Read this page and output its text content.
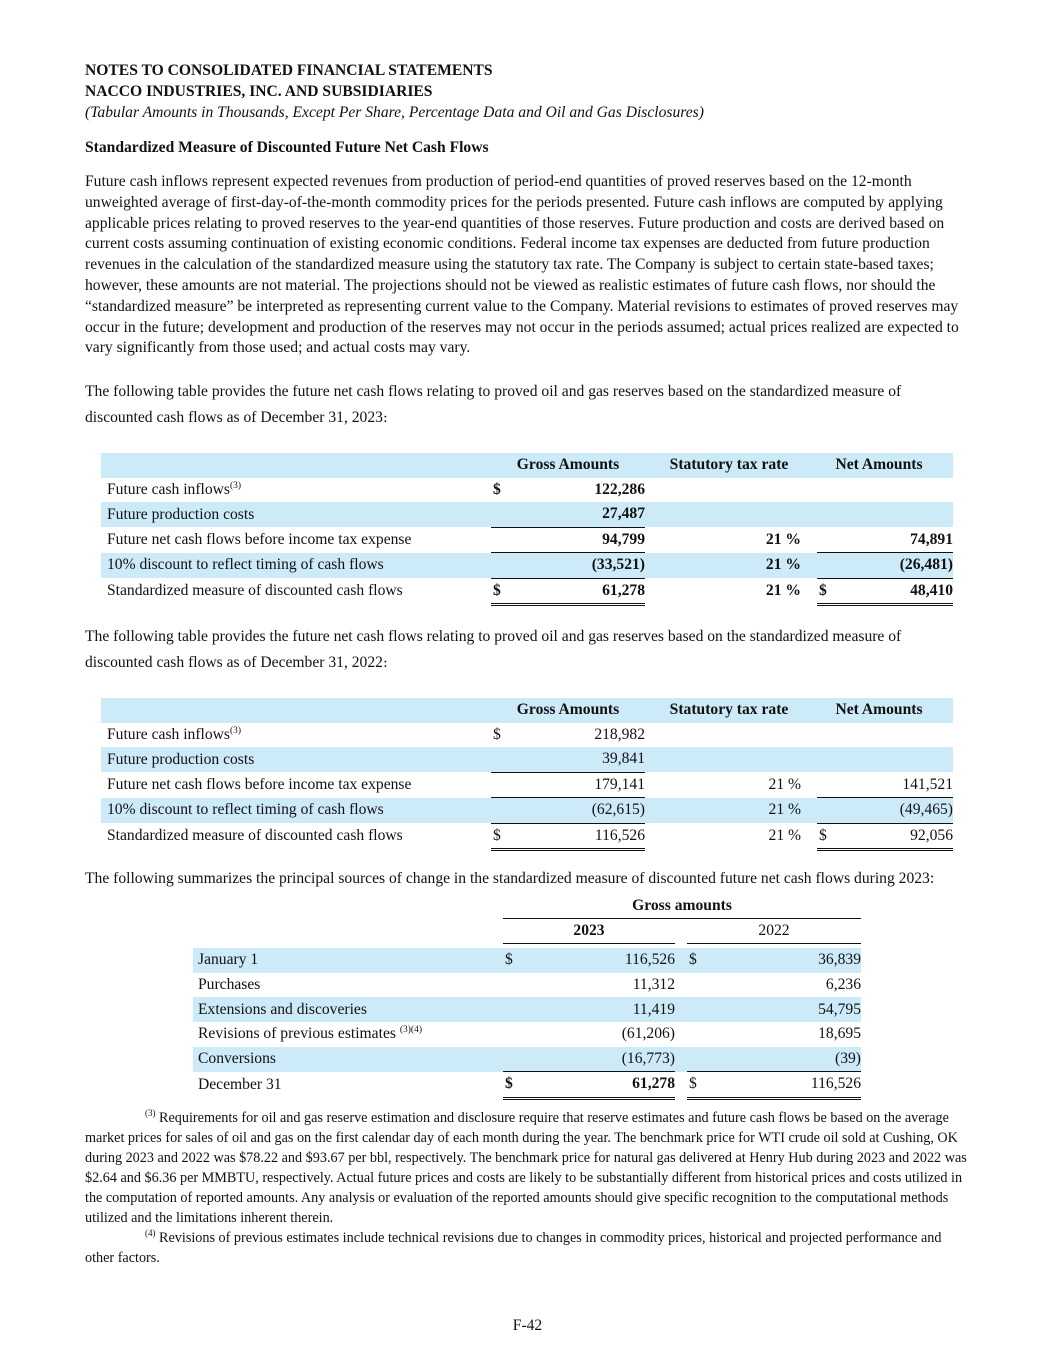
NOTES TO CONSOLIDATED FINANCIAL STATEMENTS
NACCO INDUSTRIES, INC. AND SUBSIDIARIES
(Tabular Amounts in Thousands, Except Per Share, Percentage Data and Oil and Gas Disclosures)
Standardized Measure of Discounted Future Net Cash Flows

Future cash inflows represent expected revenues from production of period-end quantities of proved reserves based on the 12-month unweighted average of first-day-of-the-month commodity prices for the periods presented. Future cash inflows are computed by applying applicable prices relating to proved reserves to the year-end quantities of those reserves. Future production and costs are derived based on current costs assuming continuation of existing economic conditions. Federal income tax expenses are deducted from future production revenues in the calculation of the standardized measure using the statutory tax rate. The Company is subject to certain state-based taxes; however, these amounts are not material. The projections should not be viewed as realistic estimates of future cash flows, nor should the “standardized measure” be interpreted as representing current value to the Company. Material revisions to estimates of proved reserves may occur in the future; development and production of the reserves may not occur in the periods assumed; actual prices realized are expected to vary significantly from those used; and actual costs may vary.

The following table provides the future net cash flows relating to proved oil and gas reserves based on the standardized measure of discounted cash flows as of December 31, 2023:

	Gross Amounts		Statutory tax rate		Net Amounts		
Future cash inflows$^{(3)}$	$	122,286					
Future production costs		27,487					
Future net cash flows before income tax expense		94,799		21 %			74,891
10% discount to reflect timing of cash flows		(33,521)		21 %			(26,481)
Standardized measure of discounted cash flows	$	61,278		21 %		$	48,410

The following table provides the future net cash flows relating to proved oil and gas reserves based on the standardized measure of discounted cash flows as of December 31, 2022:

	Gross Amounts		Statutory tax rate		Net Amounts		
Future cash inflows$^{(3)}$	$	218,982					
Future production costs		39,841					
Future net cash flows before income tax expense		179,141		21 %			141,521
10% discount to reflect timing of cash flows		(62,615)		21 %			(49,465)
Standardized measure of discounted cash flows	$	116,526		21 %		$	92,056

The following summarizes the principal sources of change in the standardized measure of discounted future net cash flows during 2023:

	Gross amounts				
	2023			2022	

January 1	$	116,526		$	36,839
Purchases		11,312			6,236
Extensions and discoveries		11,419			54,795
Revisions of previous estimates $^{(3)(4)}$		(61,206)			18,695
Conversions		(16,773)			(39)
December 31	$	61,278		$	116,526

$^{(3)}$ Requirements for oil and gas reserve estimation and disclosure require that reserve estimates and future cash flows be based on the average market prices for sales of oil and gas on the first calendar day of each month during the year. The benchmark price for WTI crude oil sold at Cushing, OK during 2023 and 2022 was $78.22 and $93.67 per bbl, respectively. The benchmark price for natural gas delivered at Henry Hub during 2023 and 2022 was $2.64 and $6.36 per MMBTU, respectively. Actual future prices and costs are likely to be substantially different from historical prices and costs utilized in the computation of reported amounts. Any analysis or evaluation of the reported amounts should give specific recognition to the computational methods utilized and the limitations inherent therein.

$^{(4)}$ Revisions of previous estimates include technical revisions due to changes in commodity prices, historical and projected performance and other factors.

F-42
